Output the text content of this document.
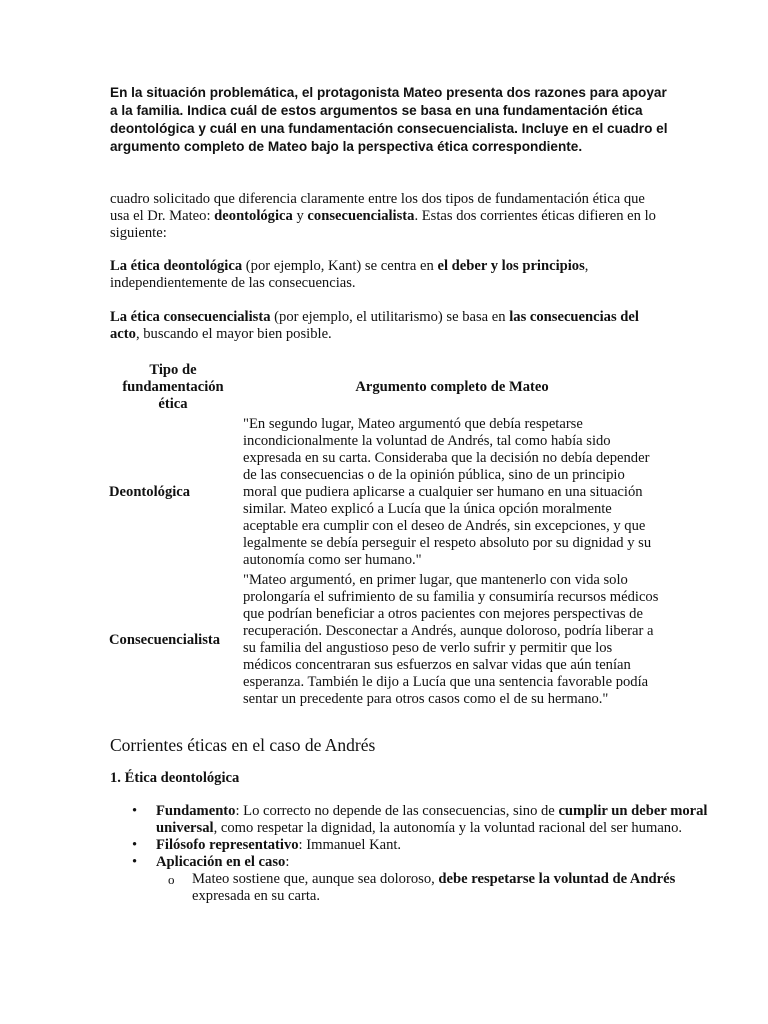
En la situación problemática, el protagonista Mateo presenta dos razones para apoyar a la familia. Indica cuál de estos argumentos se basa en una fundamentación ética deontológica y cuál en una fundamentación consecuencialista. Incluye en el cuadro el argumento completo de Mateo bajo la perspectiva ética correspondiente.

cuadro solicitado que diferencia claramente entre los dos tipos de fundamentación ética que usa el Dr. Mateo: deontológica y consecuencialista. Estas dos corrientes éticas difieren en lo siguiente:

La ética deontológica (por ejemplo, Kant) se centra en el deber y los principios, independientemente de las consecuencias.

La ética consecuencialista (por ejemplo, el utilitarismo) se basa en las consecuencias del acto, buscando el mayor bien posible.

Tipo de fundamentación ética	Argumento completo de Mateo
Deontológica	"En segundo lugar, Mateo argumentó que debía respetarse incondicionalmente la voluntad de Andrés, tal como había sido expresada en su carta. Consideraba que la decisión no debía depender de las consecuencias o de la opinión pública, sino de un principio moral que pudiera aplicarse a cualquier ser humano en una situación similar. Mateo explicó a Lucía que la única opción moralmente aceptable era cumplir con el deseo de Andrés, sin excepciones, y que legalmente se debía perseguir el respeto absoluto por su dignidad y su autonomía como ser humano."
Consecuencialista	"Mateo argumentó, en primer lugar, que mantenerlo con vida solo prolongaría el sufrimiento de su familia y consumiría recursos médicos que podrían beneficiar a otros pacientes con mejores perspectivas de recuperación. Desconectar a Andrés, aunque doloroso, podría liberar a su familia del angustioso peso de verlo sufrir y permitir que los médicos concentraran sus esfuerzos en salvar vidas que aún tenían esperanza. También le dijo a Lucía que una sentencia favorable podía sentar un precedente para otros casos como el de su hermano."
Corrientes éticas en el caso de Andrés
1. Ética deontológica
• Fundamento: Lo correcto no depende de las consecuencias, sino de cumplir un deber moral universal, como respetar la dignidad, la autonomía y la voluntad racional del ser humano.
• Filósofo representativo: Immanuel Kant.
• Aplicación en el caso:
o Mateo sostiene que, aunque sea doloroso, debe respetarse la voluntad de Andrés expresada en su carta.
